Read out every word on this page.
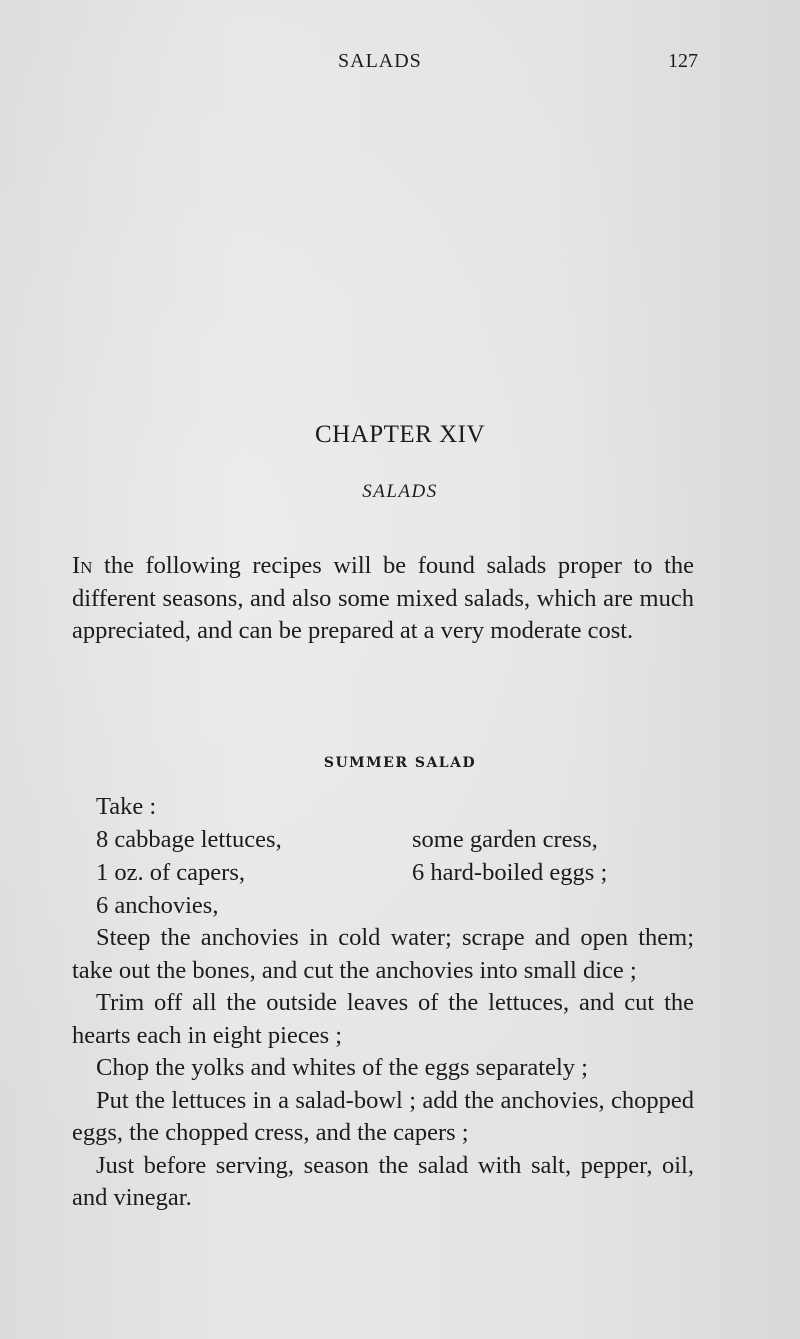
SALADS	127
CHAPTER XIV
SALADS

In the following recipes will be found salads proper to the different seasons, and also some mixed salads, which are much appreciated, and can be prepared at a very moderate cost.

SUMMER SALAD
Take :
8 cabbage lettuces,	some garden cress,
1 oz. of capers,	6 hard-boiled eggs ;
6 anchovies,

Steep the anchovies in cold water; scrape and open them; take out the bones, and cut the anchovies into small dice ;

Trim off all the outside leaves of the lettuces, and cut the hearts each in eight pieces ;

Chop the yolks and whites of the eggs separately ;

Put the lettuces in a salad-bowl ; add the anchovies, chopped eggs, the chopped cress, and the capers ;

Just before serving, season the salad with salt, pepper, oil, and vinegar.
